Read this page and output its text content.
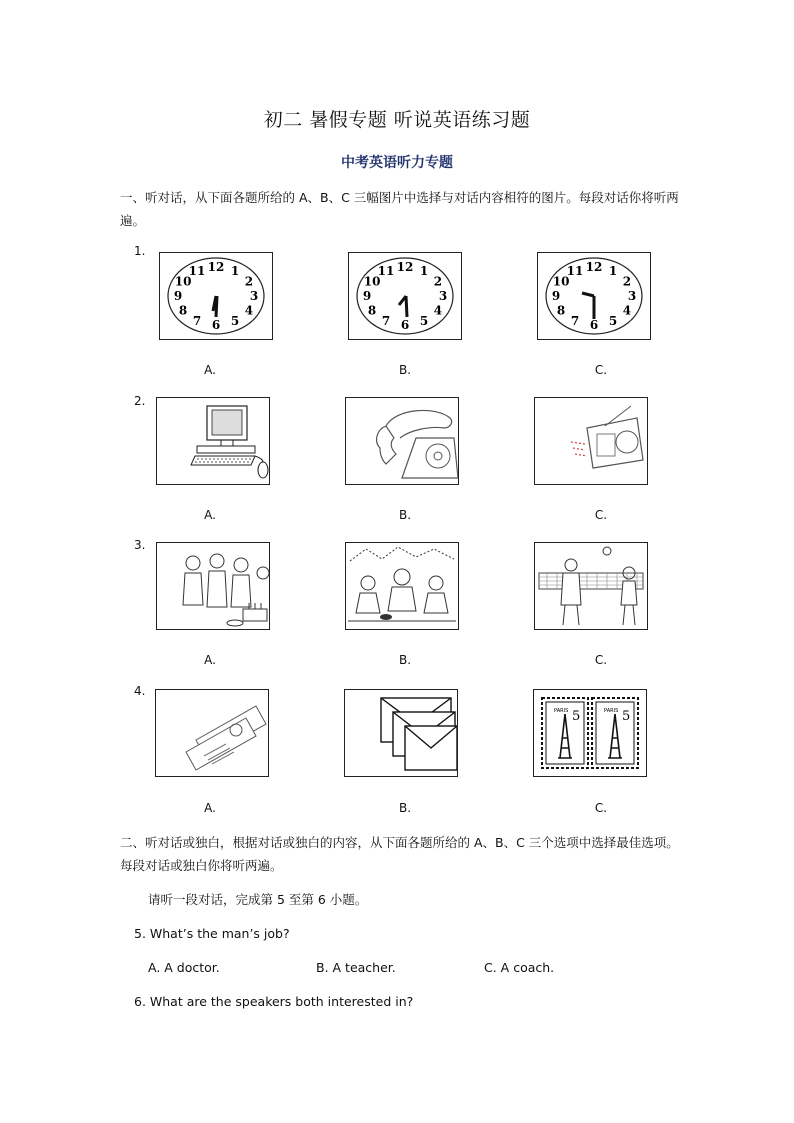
初二 暑假专题 听说英语练习题
中考英语听力专题
一、听对话，从下面各题所给的 A、B、C 三幅图片中选择与对话内容相符的图片。每段对话你将听两遍。
1.
12 1
2
3
4
5
6
7
8
9
10
11	12 1
2
3
4
5
6
7
8
9
10
11	12 1
2
3
4
5
6
7
8
9
10
11
A.	B.	C.
2.
A.	B.	C.
3.
A.	B.	C.
4.
PARIS 5	PARIS 5
A.	B.	C.
二、听对话或独白，根据对话或独白的内容，从下面各题所给的 A、B、C 三个选项中选择最佳选项。每段对话或独白你将听两遍。
请听一段对话，完成第 5 至第 6 小题。
5. What’s the man’s job?
A. A doctor.	B. A teacher.	C. A coach.
6. What are the speakers both interested in?
